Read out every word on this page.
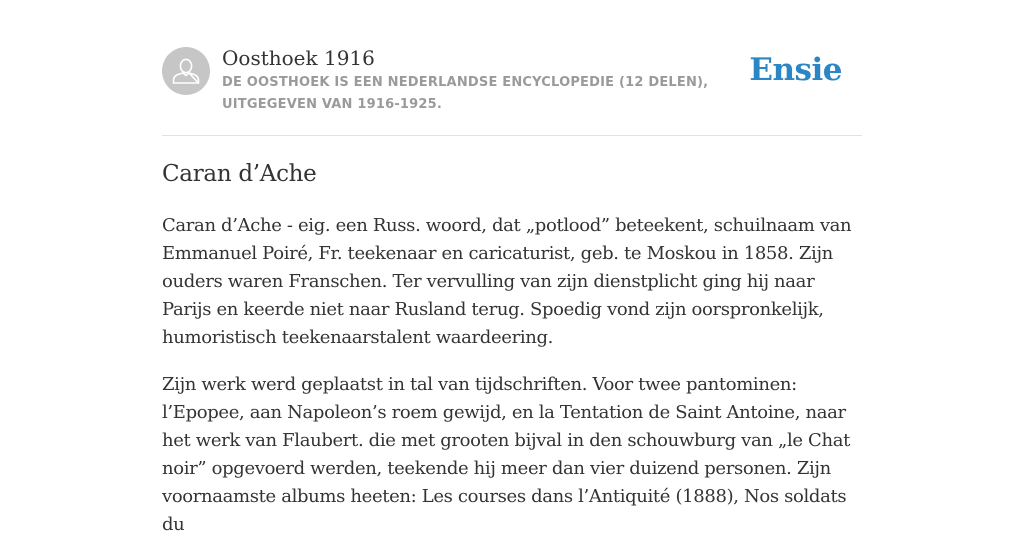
Oosthoek 1916
DE OOSTHOEK IS EEN NEDERLANDSE ENCYCLOPEDIE (12 DELEN), UITGEGEVEN VAN 1916-1925.
Ensie
Caran d’Ache

Caran d’Ache - eig. een Russ. woord, dat „potlood” beteekent, schuilnaam van Emmanuel Poiré, Fr. teekenaar en caricaturist, geb. te Moskou in 1858. Zijn ouders waren Franschen. Ter vervulling van zijn dienstplicht ging hij naar Parijs en keerde niet naar Rusland terug. Spoedig vond zijn oorspronkelijk, humoristisch teekenaarstalent waardeering.

Zijn werk werd geplaatst in tal van tijdschriften. Voor twee pantominen: l’Epopee, aan Napoleon’s roem gewijd, en la Tentation de Saint Antoine, naar het werk van Flaubert. die met grooten bijval in den schouwburg van „le Chat noir” opgevoerd werden, teekende hij meer dan vier duizend personen. Zijn voornaamste albums heeten: Les courses dans l’Antiquité (1888), Nos soldats du
